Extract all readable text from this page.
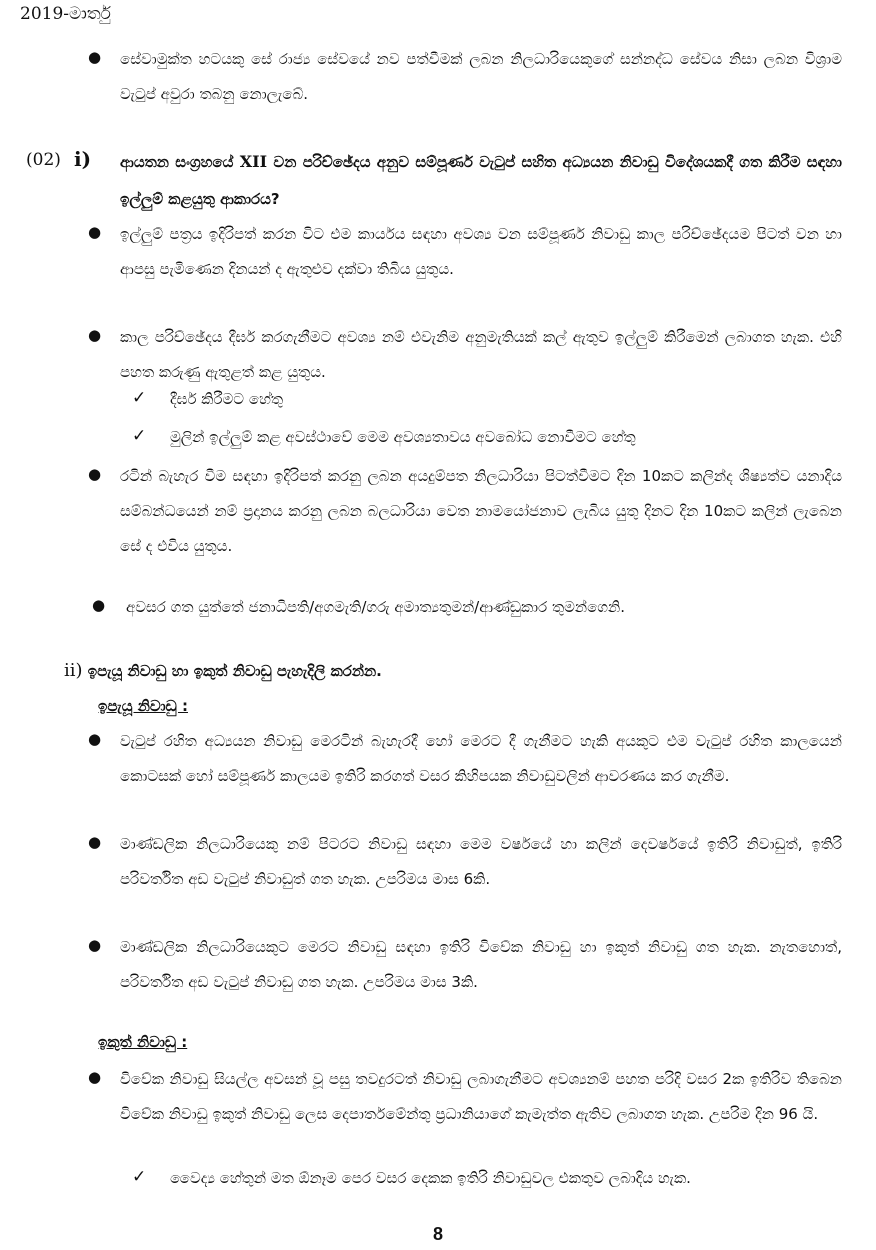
2019-මාර්තු
● සේවාමුක්ත හටයකු සේ රාජ්‍ය සේවයේ නව පත්වීමක් ලබන නිලධාරියෙකුගේ සන්නද්ධ සේවය නිසා ලබන විශ්‍රාම වැටුප් අවුරා තබනු නොලැබේ.
(02) i) ආයතන සංග්‍රහයේ XII වන පරිච්ඡේදය අනුව සම්පූර්ණ වැටුප් සහිත අධ්‍යයන නිවාඩු විදේශයකදී ගත කිරීම සඳහා ඉල්ලුම් කළයුතු ආකාරය?
● ඉල්ලුම් පත්‍රය ඉදිරිපත් කරන විට එම කාර්යය සඳහා අවශ්‍ය වන සම්පූර්ණ නිවාඩු කාල පරිච්ඡේදයම පිටත් වන හා ආපසු පැමිණෙන දිනයන් ද ඇතුළුව දක්වා තිබිය යුතුය.
● කාල පරිච්ඡේදය දීර්ඝ කරගැනීමට අවශ්‍ය නම් එවැනිම අනුමැතියක් කල් ඇතුව ඉල්ලුම් කිරීමෙන් ලබාගත හැක. එහි පහත කරුණු ඇතුළත් කළ යුතුය.
✓ දීර්ඝ කිරීමට හේතු
✓ මුලින් ඉල්ලුම් කළ අවස්ථාවේ මෙම අවශ්‍යතාවය අවබෝධ නොවීමට හේතු
● රටින් බැහැර වීම සඳහා ඉදිරිපත් කරනු ලබන අයදුම්පත නිලධාරියා පිටත්වීමට දින 10කට කලින්ද ශිෂ්‍යත්ව යනාදිය සම්බන්ධයෙන් නම් ප්‍රදානය කරනු ලබන බලධාරියා වෙත නාමයෝජනාව ලැබිය යුතු දිනට දින 10කට කලින් ලැබෙන සේ ද එවිය යුතුය.
● අවසර ගත යුත්තේ ජනාධිපති/අගමැති/ගරු අමාත්‍යතුමන්/ආණ්ඩුකාර තුමන්ගෙනි.
ii) ඉපැයූ නිවාඩු හා ඉකුත් නිවාඩු පැහැදිලි කරන්න.
ඉපැයූ නිවාඩු :
● වැටුප් රහිත අධ්‍යයන නිවාඩු මෙරටින් බැහැරදී හෝ මෙරට දී ගැනීමට හැකි අයකුට එම වැටුප් රහිත කාලයෙන් කොටසක් හෝ සම්පූර්ණ කාලයම ඉතිරි කරගත් වසර කිහිපයක නිවාඩුවලින් ආවරණය කර ගැනීම.
● මාණ්ඩලික නිලධාරියෙකු නම් පිටරට නිවාඩු සඳහා මෙම වර්ෂයේ හා කලින් දෙවර්ෂයේ ඉතිරි නිවාඩුත්, ඉතිරි පරිවර්තිත අඩ වැටුප් නිවාඩුත් ගත හැක. උපරිමය මාස 6කි.
● මාණ්ඩලික නිලධාරියෙකුට මෙරට නිවාඩු සඳහා ඉතිරි විවේක නිවාඩු හා ඉකුත් නිවාඩු ගත හැක. නැතහොත්, පරිවර්තිත අඩ වැටුප් නිවාඩු ගත හැක. උපරිමය මාස 3කි.
ඉකුත් නිවාඩු :
● විවේක නිවාඩු සියල්ල අවසන් වූ පසු තවදුරටත් නිවාඩු ලබාගැනීමට අවශ්‍යනම් පහත පරිදි වසර 2ක ඉතිරිව තිබෙන විවේක නිවාඩු ඉකුත් නිවාඩු ලෙස දෙපාර්තමේන්තු ප්‍රධානියාගේ කැමැත්ත ඇතිව ලබාගත හැක. උපරිම දින 96 යි.
✓ වෛද්‍ය හේතුන් මත ඕනෑම පෙර වසර දෙකක ඉතිරි නිවාඩුවල එකතුව ලබාදිය හැක.
8
